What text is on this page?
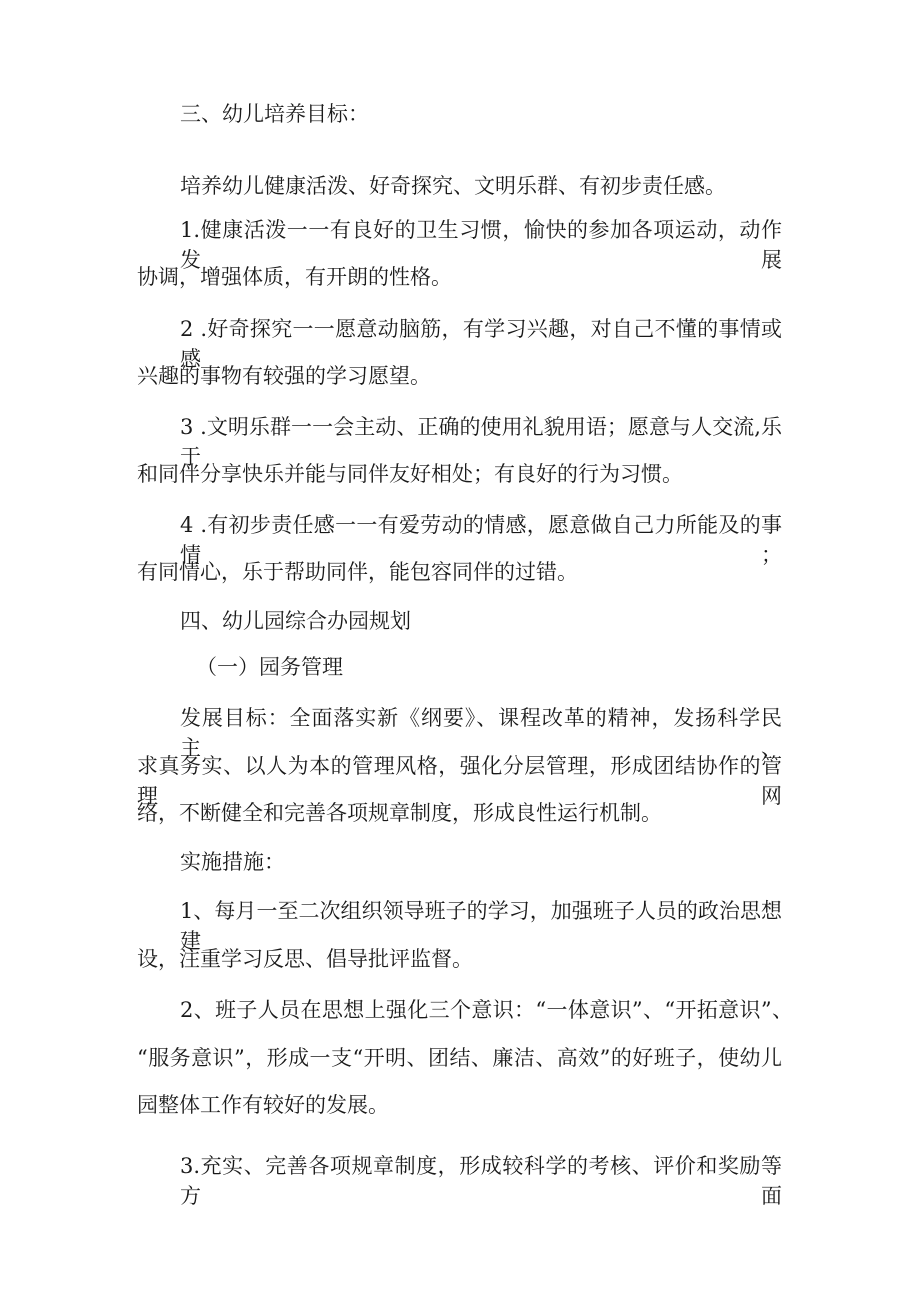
三、幼儿培养目标：

培养幼儿健康活泼、好奇探究、文明乐群、有初步责任感。

1.健康活泼一一有良好的卫生习惯，愉快的参加各项运动，动作发展

协调，增强体质，有开朗的性格。

2 .好奇探究一一愿意动脑筋，有学习兴趣，对自己不懂的事情或感

兴趣的事物有较强的学习愿望。

3 .文明乐群一一会主动、正确的使用礼貌用语；愿意与人交流,乐于

和同伴分享快乐并能与同伴友好相处；有良好的行为习惯。

4 .有初步责任感一一有爱劳动的情感，愿意做自己力所能及的事情；

有同情心，乐于帮助同伴，能包容同伴的过错。

四、幼儿园综合办园规划

（一）园务管理

发展目标：全面落实新《纲要》、课程改革的精神，发扬科学民主、

求真务实、以人为本的管理风格，强化分层管理，形成团结协作的管理网

络，不断健全和完善各项规章制度，形成良性运行机制。

实施措施：

1、每月一至二次组织领导班子的学习，加强班子人员的政治思想建

设，注重学习反思、倡导批评监督。

2、班子人员在思想上强化三个意识：“一体意识”、“开拓意识”、

“服务意识”，形成一支“开明、团结、廉洁、高效”的好班子，使幼儿

园整体工作有较好的发展。

3.充实、完善各项规章制度，形成较科学的考核、评价和奖励等方面
